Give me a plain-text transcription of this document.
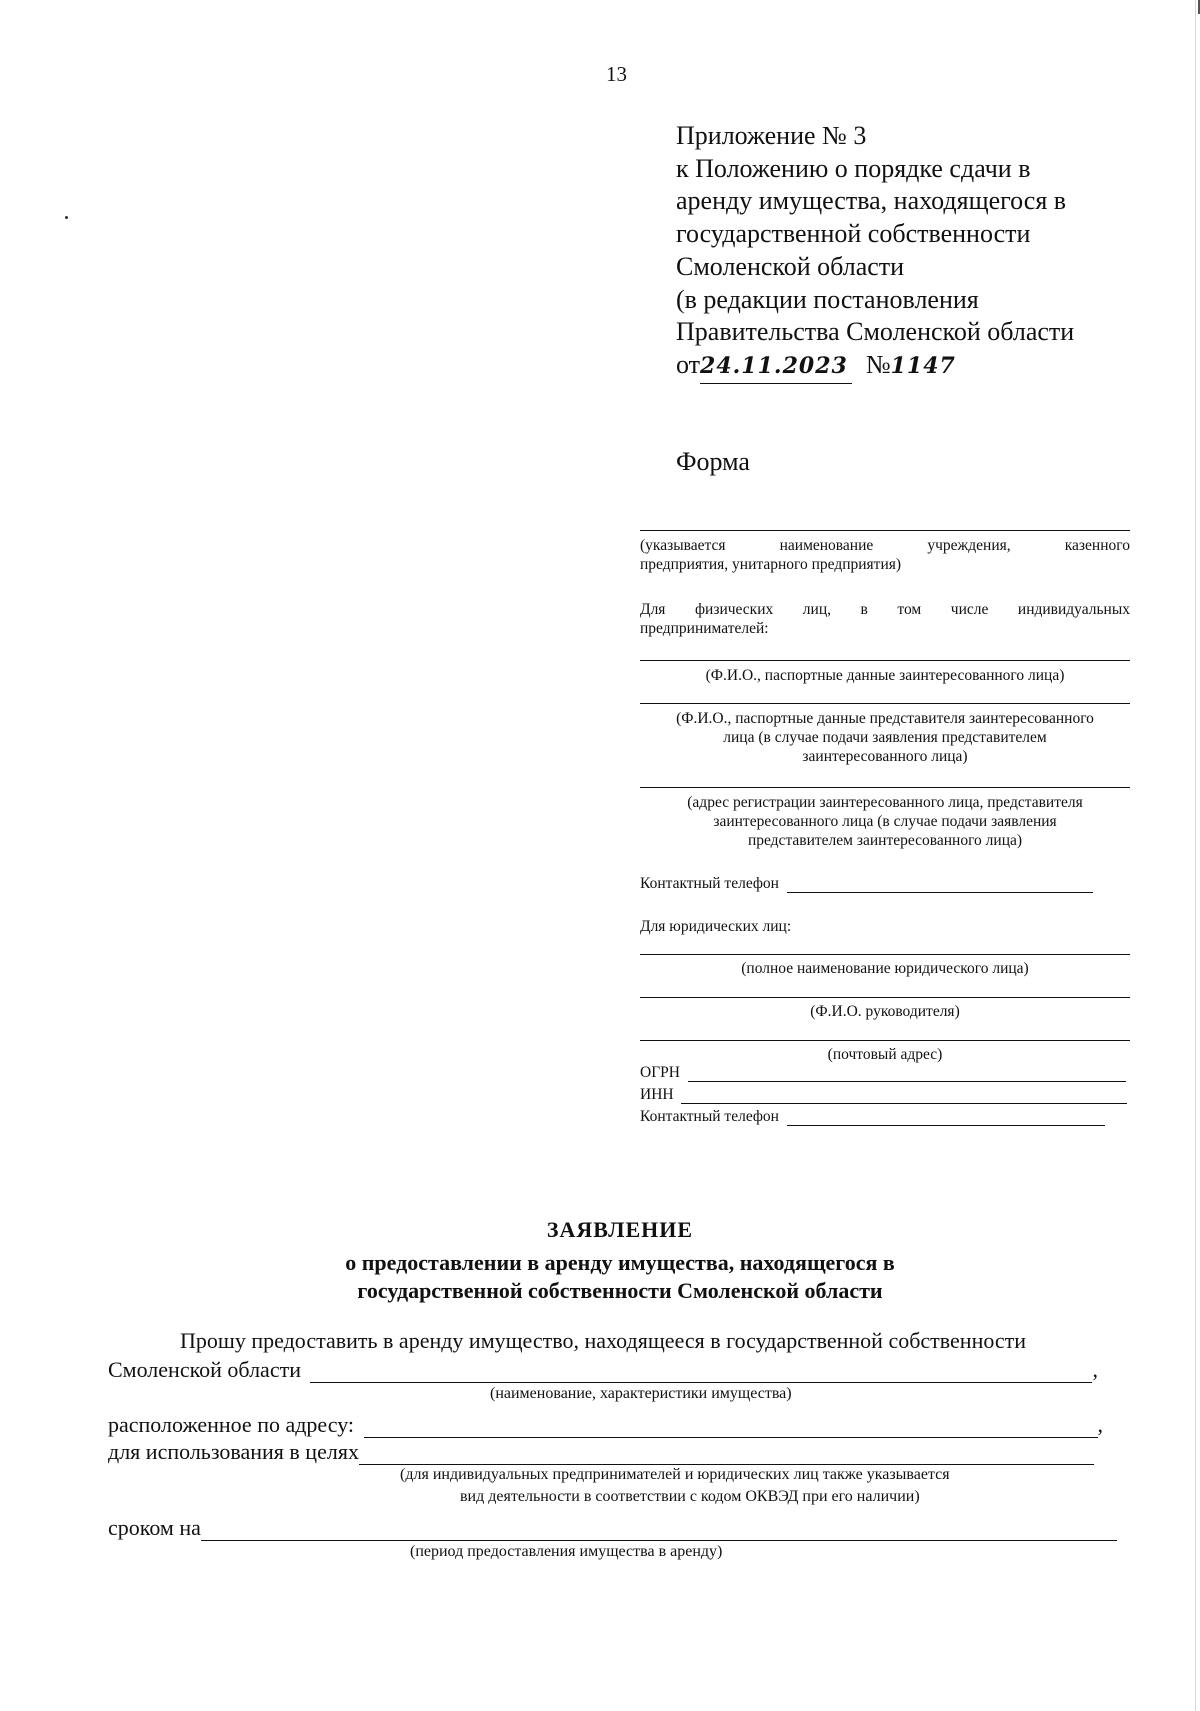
13
Приложение № 3
к Положению о порядке сдачи в
аренду имущества, находящегося в
государственной собственности
Смоленской области
(в редакции постановления
Правительства Смоленской области
от24.11.2023 №1147
Форма
(указывается наименование учреждения, казенного
предприятия, унитарного предприятия)
Для физических лиц, в том числе индивидуальных
предпринимателей:
(Ф.И.О., паспортные данные заинтересованного лица)
(Ф.И.О., паспортные данные представителя заинтересованного
лица (в случае подачи заявления представителем
заинтересованного лица)
(адрес регистрации заинтересованного лица, представителя
заинтересованного лица (в случае подачи заявления
представителем заинтересованного лица)
Контактный телефон
Для юридических лиц:
(полное наименование юридического лица)
(Ф.И.О. руководителя)
(почтовый адрес)
ОГРН
ИНН
Контактный телефон
ЗАЯВЛЕНИЕ
о предоставлении в аренду имущества, находящегося в
государственной собственности Смоленской области
Прошу предоставить в аренду имущество, находящееся в государственной собственности
Смоленской области	,
(наименование, характеристики имущества)
расположенное по адресу:	,
для использования в целях
(для индивидуальных предпринимателей и юридических лиц также указывается
вид деятельности в соответствии с кодом ОКВЭД при его наличии)
сроком на
(период предоставления имущества в аренду)
